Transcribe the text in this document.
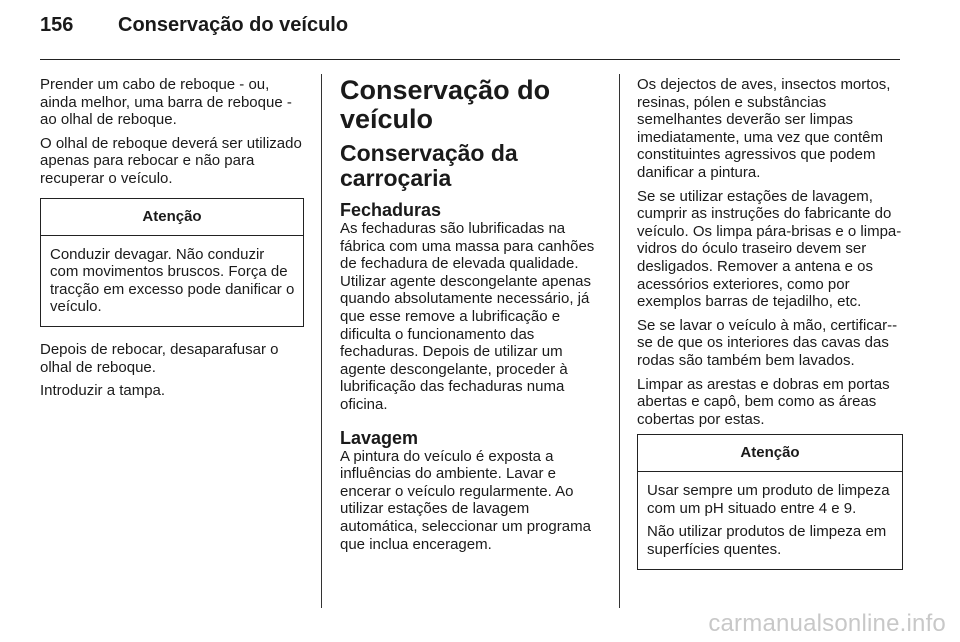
156	Conservação do veículo

Prender um cabo de reboque - ou, ainda melhor, uma barra de reboque - ao olhal de reboque.

O olhal de reboque deverá ser utilizado apenas para rebocar e não para recuperar o veículo.

Atenção

Conduzir devagar. Não conduzir com movimentos bruscos. Força de tracção em excesso pode danificar o veículo.

Depois de rebocar, desaparafusar o olhal de reboque.

Introduzir a tampa.

Conservação do veículo
Conservação da carroçaria
Fechaduras

As fechaduras são lubrificadas na fábrica com uma massa para canhões de fechadura de elevada qualidade. Utilizar agente descongelante apenas quando absolutamente necessário, já que esse remove a lubrificação e dificulta o funcionamento das fechaduras. Depois de utilizar um agente descongelante, proceder à lubrificação das fechaduras numa oficina.

Lavagem

A pintura do veículo é exposta a influências do ambiente. Lavar e encerar o veículo regularmente. Ao utilizar estações de lavagem automática, seleccionar um programa que inclua enceragem.

Os dejectos de aves, insectos mortos, resinas, pólen e substâncias semelhantes deverão ser limpas imediatamente, uma vez que contêm constituintes agressivos que podem danificar a pintura.

Se se utilizar estações de lavagem, cumprir as instruções do fabricante do veículo. Os limpa pára-brisas e o limpa-vidros do óculo traseiro devem ser desligados. Remover a antena e os acessórios exteriores, como por exemplos barras de tejadilho, etc.

Se se lavar o veículo à mão, certificar--se de que os interiores das cavas das rodas são também bem lavados.

Limpar as arestas e dobras em portas abertas e capô, bem como as áreas cobertas por estas.

Atenção

Usar sempre um produto de limpeza com um pH situado entre 4 e 9.

Não utilizar produtos de limpeza em superfícies quentes.

carmanualsonline.info
